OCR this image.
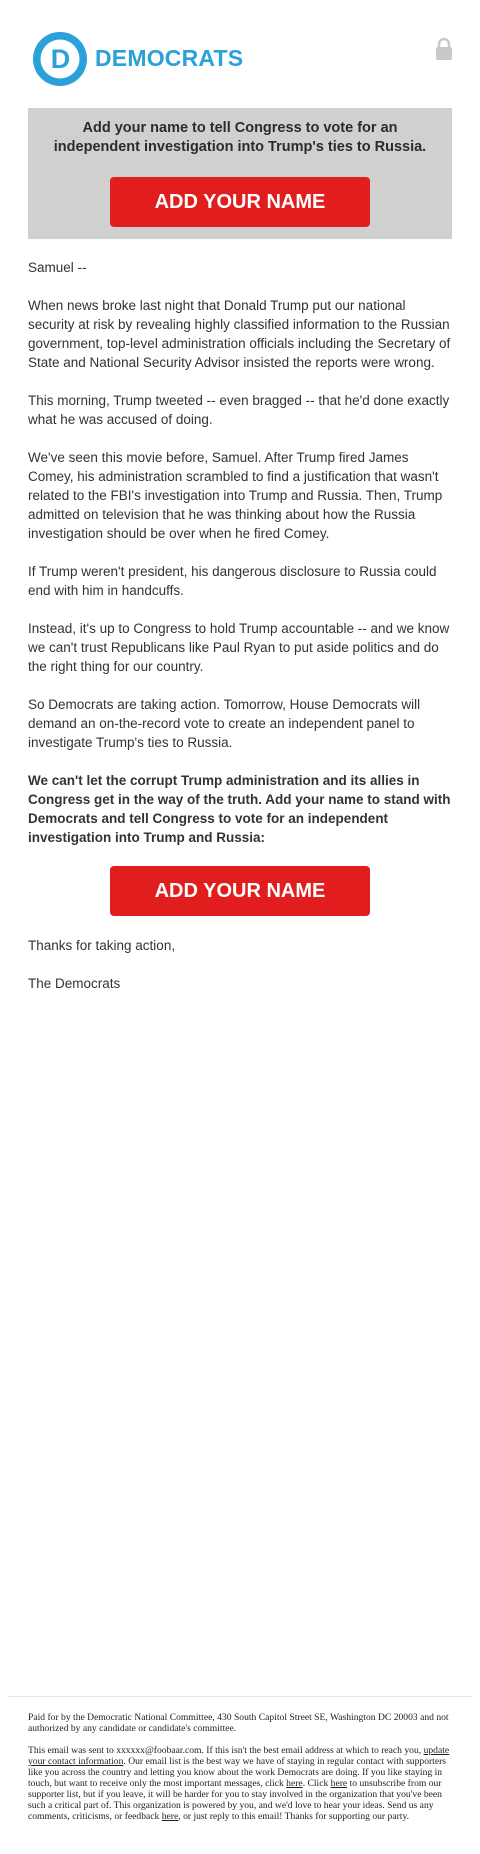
D DEMOCRATS
Add your name to tell Congress to vote for an independent investigation into Trump's ties to Russia.
ADD YOUR NAME

Samuel --

When news broke last night that Donald Trump put our national security at risk by revealing highly classified information to the Russian government, top-level administration officials including the Secretary of State and National Security Advisor insisted the reports were wrong.

This morning, Trump tweeted -- even bragged -- that he'd done exactly what he was accused of doing.

We've seen this movie before, Samuel. After Trump fired James Comey, his administration scrambled to find a justification that wasn't related to the FBI's investigation into Trump and Russia. Then, Trump admitted on television that he was thinking about how the Russia investigation should be over when he fired Comey.

If Trump weren't president, his dangerous disclosure to Russia could end with him in handcuffs.

Instead, it's up to Congress to hold Trump accountable -- and we know we can't trust Republicans like Paul Ryan to put aside politics and do the right thing for our country.

So Democrats are taking action. Tomorrow, House Democrats will demand an on-the-record vote to create an independent panel to investigate Trump's ties to Russia.

We can't let the corrupt Trump administration and its allies in Congress get in the way of the truth. Add your name to stand with Democrats and tell Congress to vote for an independent investigation into Trump and Russia:

ADD YOUR NAME

Thanks for taking action,

The Democrats

Paid for by the Democratic National Committee, 430 South Capitol Street SE, Washington DC 20003 and not authorized by any candidate or candidate's committee.

This email was sent to xxxxxx@foobaar.com. If this isn't the best email address at which to reach you, update your contact information. Our email list is the best way we have of staying in regular contact with supporters like you across the country and letting you know about the work Democrats are doing. If you like staying in touch, but want to receive only the most important messages, click here. Click here to unsubscribe from our supporter list, but if you leave, it will be harder for you to stay involved in the organization that you've been such a critical part of. This organization is powered by you, and we'd love to hear your ideas. Send us any comments, criticisms, or feedback here, or just reply to this email! Thanks for supporting our party.
